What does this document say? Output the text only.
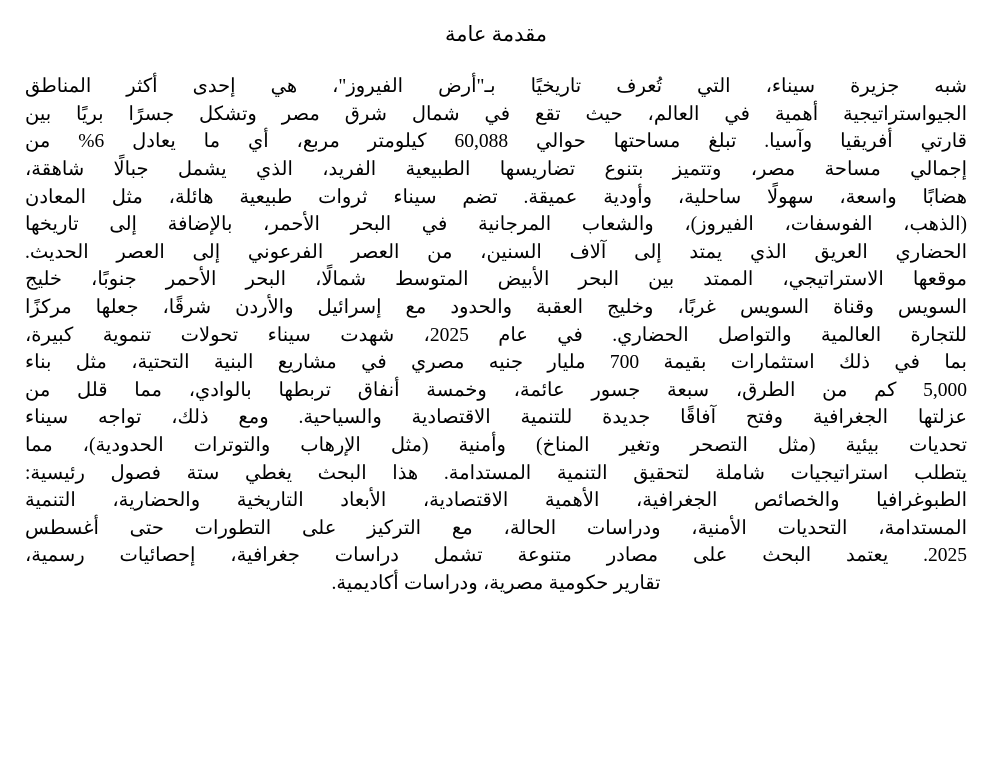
مقدمة عامة
شبه جزيرة سيناء، التي تُعرف تاريخيًا بـ"أرض الفيروز"، هي إحدى أكثر المناطق
الجيواستراتيجية أهمية في العالم، حيث تقع في شمال شرق مصر وتشكل جسرًا بريًا بين
قارتي أفريقيا وآسيا. تبلغ مساحتها حوالي 60,088 كيلومتر مربع، أي ما يعادل 6% من
إجمالي مساحة مصر، وتتميز بتنوع تضاريسها الطبيعية الفريد، الذي يشمل جبالًا شاهقة،
هضابًا واسعة، سهولًا ساحلية، وأودية عميقة. تضم سيناء ثروات طبيعية هائلة، مثل المعادن
(الذهب، الفوسفات، الفيروز)، والشعاب المرجانية في البحر الأحمر، بالإضافة إلى تاريخها
الحضاري العريق الذي يمتد إلى آلاف السنين، من العصر الفرعوني إلى العصر الحديث.
موقعها الاستراتيجي، الممتد بين البحر الأبيض المتوسط شمالًا، البحر الأحمر جنوبًا، خليج
السويس وقناة السويس غربًا، وخليج العقبة والحدود مع إسرائيل والأردن شرقًا، جعلها مركزًا
للتجارة العالمية والتواصل الحضاري. في عام 2025، شهدت سيناء تحولات تنموية كبيرة،
بما في ذلك استثمارات بقيمة 700 مليار جنيه مصري في مشاريع البنية التحتية، مثل بناء
5,000 كم من الطرق، سبعة جسور عائمة، وخمسة أنفاق تربطها بالوادي، مما قلل من
عزلتها الجغرافية وفتح آفاقًا جديدة للتنمية الاقتصادية والسياحية. ومع ذلك، تواجه سيناء
تحديات بيئية (مثل التصحر وتغير المناخ) وأمنية (مثل الإرهاب والتوترات الحدودية)، مما
يتطلب استراتيجيات شاملة لتحقيق التنمية المستدامة. هذا البحث يغطي ستة فصول رئيسية:
الطبوغرافيا والخصائص الجغرافية، الأهمية الاقتصادية، الأبعاد التاريخية والحضارية، التنمية
المستدامة، التحديات الأمنية، ودراسات الحالة، مع التركيز على التطورات حتى أغسطس
2025. يعتمد البحث على مصادر متنوعة تشمل دراسات جغرافية، إحصائيات رسمية،
تقارير حكومية مصرية، ودراسات أكاديمية.
